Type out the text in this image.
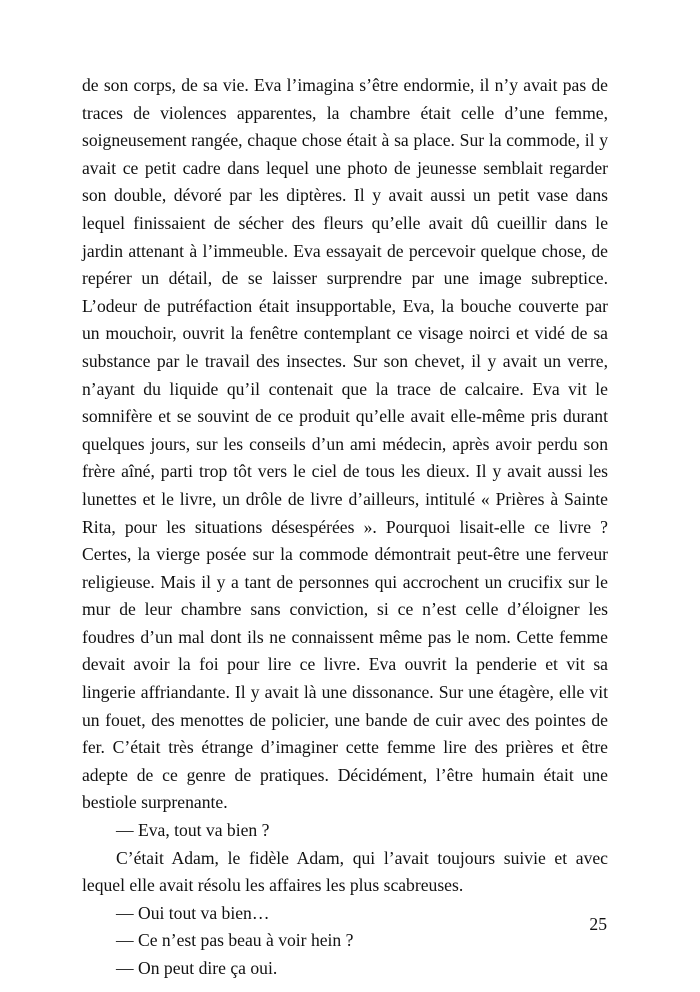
de son corps, de sa vie. Eva l’imagina s’être endormie, il n’y avait pas de traces de violences apparentes, la chambre était celle d’une femme, soigneusement rangée, chaque chose était à sa place. Sur la commode, il y avait ce petit cadre dans lequel une photo de jeunesse semblait regarder son double, dévoré par les diptères. Il y avait aussi un petit vase dans lequel finissaient de sécher des fleurs qu’elle avait dû cueillir dans le jardin attenant à l’immeuble. Eva essayait de percevoir quelque chose, de repérer un détail, de se laisser surprendre par une image subreptice. L’odeur de putréfaction était insupportable, Eva, la bouche couverte par un mouchoir, ouvrit la fenêtre contemplant ce visage noirci et vidé de sa substance par le travail des insectes. Sur son chevet, il y avait un verre, n’ayant du liquide qu’il contenait que la trace de calcaire. Eva vit le somnifère et se souvint de ce produit qu’elle avait elle-même pris durant quelques jours, sur les conseils d’un ami médecin, après avoir perdu son frère aîné, parti trop tôt vers le ciel de tous les dieux. Il y avait aussi les lunettes et le livre, un drôle de livre d’ailleurs, intitulé « Prières à Sainte Rita, pour les situations désespérées ». Pourquoi lisait-elle ce livre ? Certes, la vierge posée sur la commode démontrait peut-être une ferveur religieuse. Mais il y a tant de personnes qui accrochent un crucifix sur le mur de leur chambre sans conviction, si ce n’est celle d’éloigner les foudres d’un mal dont ils ne connaissent même pas le nom. Cette femme devait avoir la foi pour lire ce livre. Eva ouvrit la penderie et vit sa lingerie affriandante. Il y avait là une dissonance. Sur une étagère, elle vit un fouet, des menottes de policier, une bande de cuir avec des pointes de fer. C’était très étrange d’imaginer cette femme lire des prières et être adepte de ce genre de pratiques. Décidément, l’être humain était une bestiole surprenante.

— Eva, tout va bien ?

C’était Adam, le fidèle Adam, qui l’avait toujours suivie et avec lequel elle avait résolu les affaires les plus scabreuses.

— Oui tout va bien…

— Ce n’est pas beau à voir hein ?

— On peut dire ça oui.

25
